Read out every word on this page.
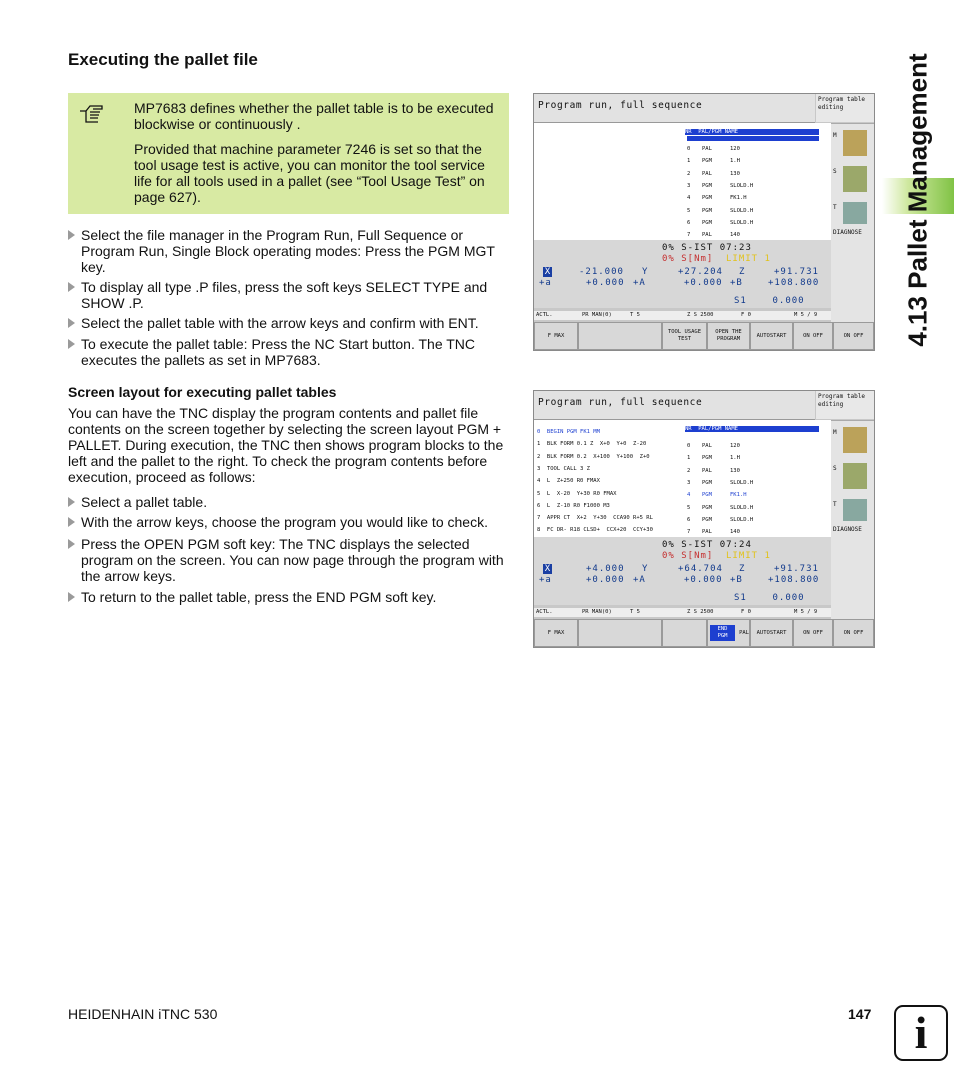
Executing the pallet file	4.13 Pallet Management

MP7683 defines whether the pallet table is to be executed blockwise or continuously .

Provided that machine parameter 7246 is set so that the tool usage test is active, you can monitor the tool service life for all tools used in a pallet (see “Tool Usage Test” on page 627).

Select the file manager in the Program Run, Full Sequence or Program Run, Single Block operating modes: Press the PGM MGT key.
To display all type .P files, press the soft keys SELECT TYPE and SHOW .P.
Select the pallet table with the arrow keys and confirm with ENT.
To execute the pallet table: Press the NC Start button. The TNC executes the pallets as set in MP7683.
Screen layout for executing pallet tables
You can have the TNC display the program contents and pallet file contents on the screen together by selecting the screen layout PGM + PALLET. During execution, the TNC then shows program blocks to the left and the pallet to the right. To check the program contents before execution, proceed as follows:
Select a pallet table.
With the arrow keys, choose the program you would like to check.
Press the OPEN PGM soft key: The TNC displays the selected program on the screen. You can now page through the program with the arrow keys.
To return to the pallet table, press the END PGM soft key.
Program run, full sequence
Program table editing
NR  PAL/PGM NAME
0 PAL	120
1 PGM	1.H
2 PAL	130
3 PGM	SLOLD.H
4 PGM	FK1.H
5 PGM	SLOLD.H
6 PGM	SLOLD.H
7 PAL	140
M
S
T
DIAGNOSE
0% S-IST 07:23
0% S[Nm] LIMIT 1
X	-21.000 Y	+27.204 Z	+91.731
+a	+0.000 +A	+0.000 +B	+108.800
S1    0.000
ACTL.	PR MAN(0)	T 5	Z S 2500	F 0	M 5 / 9
F MAX
TOOL USAGE TEST
OPEN THE PROGRAM
AUTOSTART	ON OFF	ON OFF
Program run, full sequence
Program table editing
NR  PAL/PGM NAME
0  BEGIN PGM FK1 MM
1  BLK FORM 0.1 Z  X+0  Y+0  Z-20
2  BLK FORM 0.2  X+100  Y+100  Z+0
3  TOOL CALL 3 Z
4  L  Z+250 R0 FMAX
5  L  X-20  Y+30 R0 FMAX
6  L  Z-10 R0 F1000 M3
7  APPR CT  X+2  Y+30  CCA90 R+5 RL
8  FC DR- R18 CLSD+  CCX+20  CCY+30
0 PAL	120
1 PGM	1.H
2 PAL	130
3 PGM	SLOLD.H
4 PGM	FK1.H
5 PGM	SLOLD.H
6 PGM	SLOLD.H
7 PAL	140
M
S
T
DIAGNOSE
0% S-IST 07:24
0% S[Nm] LIMIT 1
X	+4.000 Y	+64.704 Z	+91.731
+a	+0.000 +A	+0.000 +B	+108.800
S1    0.000
ACTL.	PR MAN(0)	T 5	Z S 2500	F 0	M 5 / 9
F MAX
END PGM
PAL	AUTOSTART	ON OFF	ON OFF
HEIDENHAIN iTNC 530	147 i
